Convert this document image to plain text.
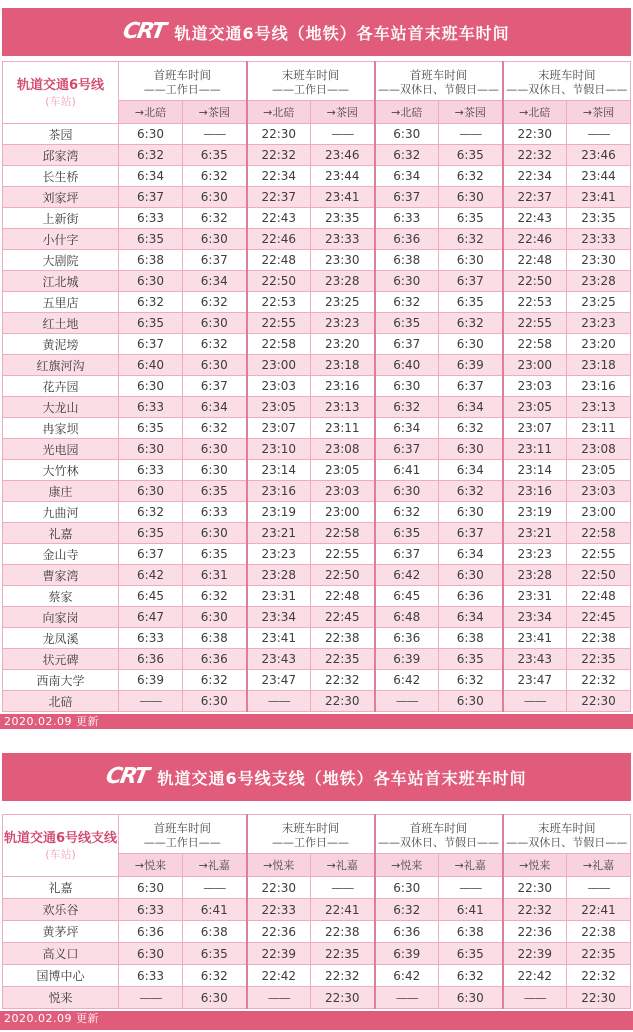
CRT 轨道交通6号线（地铁）各车站首末班车时间
轨道交通6号线
(车站)

首班车时间
——工作日——

末班车时间
——工作日——

首班车时间
——双休日、节假日——

末班车时间
——双休日、节假日——

	→北碚	→茶园	→北碚	→茶园	→北碚	→茶园	→北碚	→茶园
茶园	6:30	——	22:30	——	6:30	——	22:30	——
邱家湾	6:32	6:35	22:32	23:46	6:32	6:35	22:32	23:46
长生桥	6:34	6:32	22:34	23:44	6:34	6:32	22:34	23:44
刘家坪	6:37	6:30	22:37	23:41	6:37	6:30	22:37	23:41
上新街	6:33	6:32	22:43	23:35	6:33	6:35	22:43	23:35
小什字	6:35	6:30	22:46	23:33	6:36	6:32	22:46	23:33
大剧院	6:38	6:37	22:48	23:30	6:38	6:30	22:48	23:30
江北城	6:30	6:34	22:50	23:28	6:30	6:37	22:50	23:28
五里店	6:32	6:32	22:53	23:25	6:32	6:35	22:53	23:25
红土地	6:35	6:30	22:55	23:23	6:35	6:32	22:55	23:23
黄泥塝	6:37	6:32	22:58	23:20	6:37	6:30	22:58	23:20
红旗河沟	6:40	6:30	23:00	23:18	6:40	6:39	23:00	23:18
花卉园	6:30	6:37	23:03	23:16	6:30	6:37	23:03	23:16
大龙山	6:33	6:34	23:05	23:13	6:32	6:34	23:05	23:13
冉家坝	6:35	6:32	23:07	23:11	6:34	6:32	23:07	23:11
光电园	6:30	6:30	23:10	23:08	6:37	6:30	23:11	23:08
大竹林	6:33	6:30	23:14	23:05	6:41	6:34	23:14	23:05
康庄	6:30	6:35	23:16	23:03	6:30	6:32	23:16	23:03
九曲河	6:32	6:33	23:19	23:00	6:32	6:30	23:19	23:00
礼嘉	6:35	6:30	23:21	22:58	6:35	6:37	23:21	22:58
金山寺	6:37	6:35	23:23	22:55	6:37	6:34	23:23	22:55
曹家湾	6:42	6:31	23:28	22:50	6:42	6:30	23:28	22:50
蔡家	6:45	6:32	23:31	22:48	6:45	6:36	23:31	22:48
向家岗	6:47	6:30	23:34	22:45	6:48	6:34	23:34	22:45
龙凤溪	6:33	6:38	23:41	22:38	6:36	6:38	23:41	22:38
状元碑	6:36	6:36	23:43	22:35	6:39	6:35	23:43	22:35
西南大学	6:39	6:32	23:47	22:32	6:42	6:32	23:47	22:32
北碚	——	6:30	——	22:30	——	6:30	——	22:30
2020.02.09 更新
CRT 轨道交通6号线支线（地铁）各车站首末班车时间
轨道交通6号线支线
(车站)

首班车时间
——工作日——

末班车时间
——工作日——

首班车时间
——双休日、节假日——

末班车时间
——双休日、节假日——

	→悦来	→礼嘉	→悦来	→礼嘉	→悦来	→礼嘉	→悦来	→礼嘉
礼嘉	6:30	——	22:30	——	6:30	——	22:30	——
欢乐谷	6:33	6:41	22:33	22:41	6:32	6:41	22:32	22:41
黄茅坪	6:36	6:38	22:36	22:38	6:36	6:38	22:36	22:38
高义口	6:30	6:35	22:39	22:35	6:39	6:35	22:39	22:35
国博中心	6:33	6:32	22:42	22:32	6:42	6:32	22:42	22:32
悦来	——	6:30	——	22:30	——	6:30	——	22:30
2020.02.09 更新
